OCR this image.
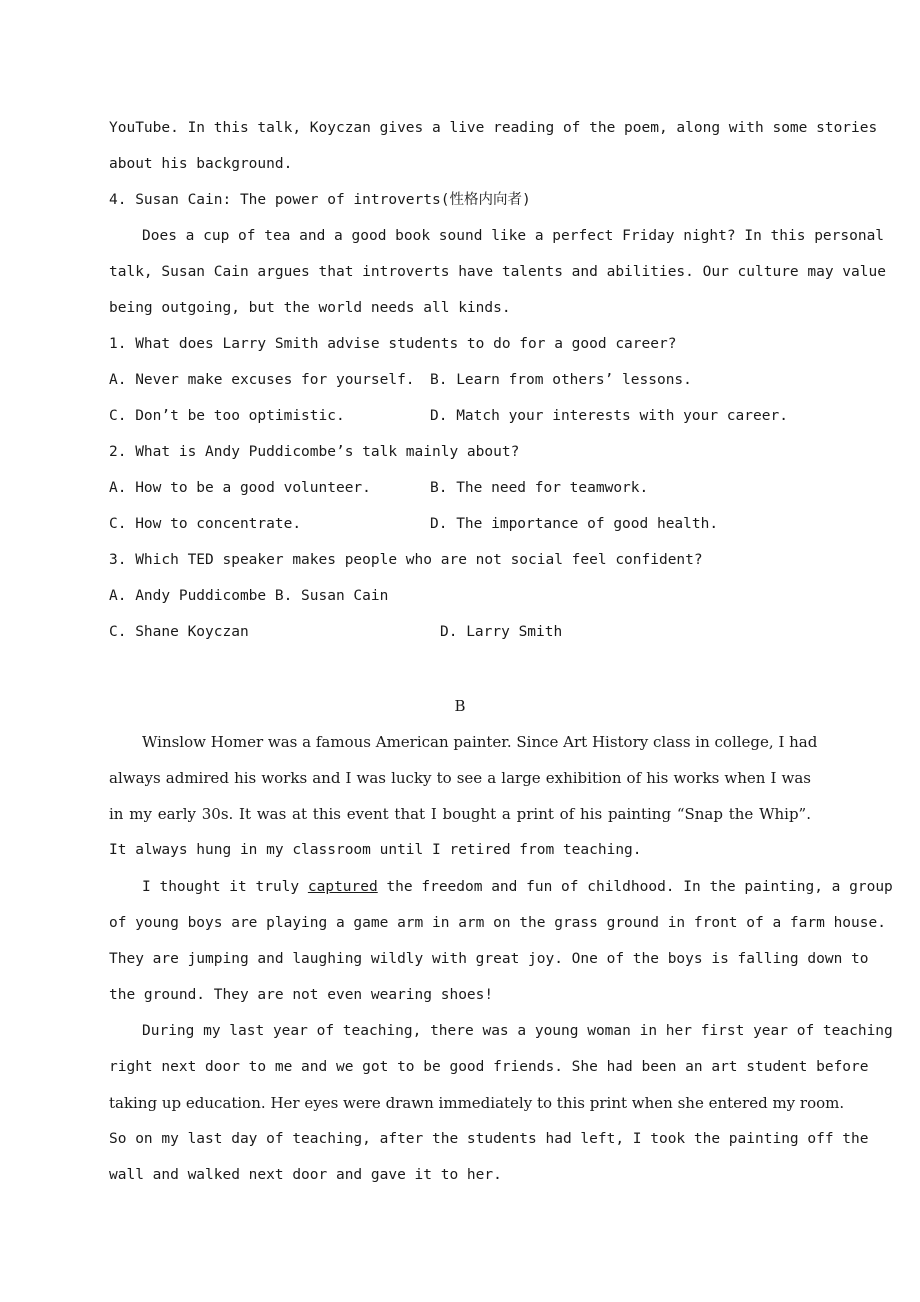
YouTube. In this talk, Koyczan gives a live reading of the poem, along with some stories
about his background.
4. Susan Cain: The power of introverts(性格内向者)
Does a cup of tea and a good book sound like a perfect Friday night? In this personal
talk, Susan Cain argues that introverts have talents and abilities. Our culture may value
being outgoing, but the world needs all kinds.
1. What does Larry Smith advise students to do for a good career?
A. Never make excuses for yourself. B. Learn from others’ lessons.
C. Don’t be too optimistic.	D. Match your interests with your career.
2. What is Andy Puddicombe’s talk mainly about?
A. How to be a good volunteer.	B. The need for teamwork.
C. How to concentrate.	D. The importance of good health.
3. Which TED speaker makes people who are not social feel confident?
A. Andy Puddicombe B. Susan Cain
C. Shane Koyczan	D. Larry Smith
B
Winslow Homer was a famous American painter. Since Art History class in college, I had
always admired his works and I was lucky to see a large exhibition of his works when I was
in my early 30s. It was at this event that I bought a print of his painting “Snap the Whip”.
It always hung in my classroom until I retired from teaching.
I thought it truly captured the freedom and fun of childhood. In the painting, a group
of young boys are playing a game arm in arm on the grass ground in front of a farm house.
They are jumping and laughing wildly with great joy. One of the boys is falling down to
the ground. They are not even wearing shoes!
During my last year of teaching, there was a young woman in her first year of teaching
right next door to me and we got to be good friends. She had been an art student before
taking up education. Her eyes were drawn immediately to this print when she entered my room.
So on my last day of teaching, after the students had left, I took the painting off the
wall and walked next door and gave it to her.
